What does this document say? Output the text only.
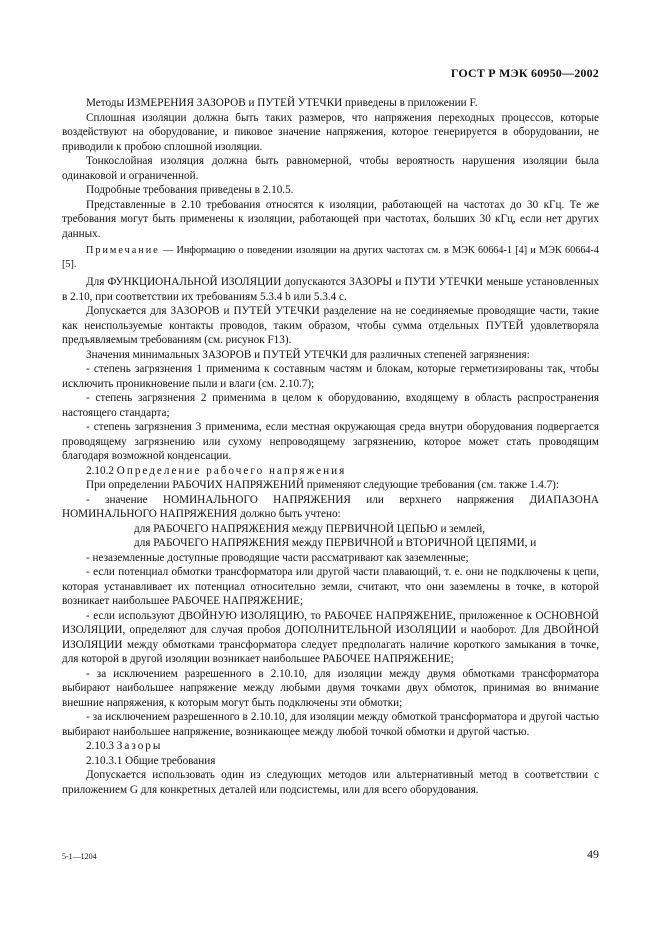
ГОСТ Р МЭК 60950—2002

Методы ИЗМЕРЕНИЯ ЗАЗОРОВ и ПУТЕЙ УТЕЧКИ приведены в приложении F.

Сплошная изоляции должна быть таких размеров, что напряжения переходных процессов, которые воздействуют на оборудование, и пиковое значение напряжения, которое генерируется в оборудовании, не приводили к пробою сплошной изоляции.

Тонкослойная изоляция должна быть равномерной, чтобы вероятность нарушения изоляции была одинаковой и ограниченной.

Подробные требования приведены в 2.10.5.

Представленные в 2.10 требования относятся к изоляции, работающей на частотах до 30 кГц. Те же требования могут быть применены к изоляции, работающей при частотах, больших 30 кГц, если нет других данных.

Примечание — Информацию о поведении изоляции на других частотах см. в МЭК 60664-1 [4] и МЭК 60664-4 [5].

Для ФУНКЦИОНАЛЬНОЙ ИЗОЛЯЦИИ допускаются ЗАЗОРЫ и ПУТИ УТЕЧКИ меньше установленных в 2.10, при соответствии их требованиям 5.3.4 b или 5.3.4 c.

Допускается для ЗАЗОРОВ и ПУТЕЙ УТЕЧКИ разделение на не соединяемые проводящие части, такие как неиспользуемые контакты проводов, таким образом, чтобы сумма отдельных ПУТЕЙ удовлетворяла предъявляемым требованиям (см. рисунок F13).

Значения минимальных ЗАЗОРОВ и ПУТЕЙ УТЕЧКИ для различных степеней загрязнения:

- степень загрязнения 1 применима к составным частям и блокам, которые герметизированы так, чтобы исключить проникновение пыли и влаги (см. 2.10.7);

- степень загрязнения 2 применима в целом к оборудованию, входящему в область распространения настоящего стандарта;

- степень загрязнения 3 применима, если местная окружающая среда внутри оборудования подвергается проводящему загрязнению или сухому непроводящему загрязнению, которое может стать проводящим благодаря возможной конденсации.

2.10.2 Определение рабочего напряжения

При определении РАБОЧИХ НАПРЯЖЕНИЙ применяют следующие требования (см. также 1.4.7):

- значение НОМИНАЛЬНОГО НАПРЯЖЕНИЯ или верхнего напряжения ДИАПАЗОНА НОМИНАЛЬНОГО НАПРЯЖЕНИЯ должно быть учтено:

для РАБОЧЕГО НАПРЯЖЕНИЯ между ПЕРВИЧНОЙ ЦЕПЬЮ и землей,

для РАБОЧЕГО НАПРЯЖЕНИЯ между ПЕРВИЧНОЙ и ВТОРИЧНОЙ ЦЕПЯМИ, и

- незаземленные доступные проводящие части рассматривают как заземленные;

- если потенциал обмотки трансформатора или другой части плавающий, т. е. они не подключены к цепи, которая устанавливает их потенциал относительно земли, считают, что они заземлены в точке, в которой возникает наибольшее РАБОЧЕЕ НАПРЯЖЕНИЕ;

- если используют ДВОЙНУЮ ИЗОЛЯЦИЮ, то РАБОЧЕЕ НАПРЯЖЕНИЕ, приложенное к ОСНОВНОЙ ИЗОЛЯЦИИ, определяют для случая пробоя ДОПОЛНИТЕЛЬНОЙ ИЗОЛЯЦИИ и наоборот. Для ДВОЙНОЙ ИЗОЛЯЦИИ между обмотками трансформатора следует предполагать наличие короткого замыкания в точке, для которой в другой изоляции возникает наибольшее РАБОЧЕЕ НАПРЯЖЕНИЕ;

- за исключением разрешенного в 2.10.10, для изоляции между двумя обмотками трансформатора выбирают наибольшее напряжение между любыми двумя точками двух обмоток, принимая во внимание внешние напряжения, к которым могут быть подключены эти обмотки;

- за исключением разрешенного в 2.10.10, для изоляции между обмоткой трансформатора и другой частью выбирают наибольшее напряжение, возникающее между любой точкой обмотки и другой частью.

2.10.3 Зазоры

2.10.3.1 Общие требования

Допускается использовать один из следующих методов или альтернативный метод в соответствии с приложением G для конкретных деталей или подсистемы, или для всего оборудования.

5-1—1204	49
